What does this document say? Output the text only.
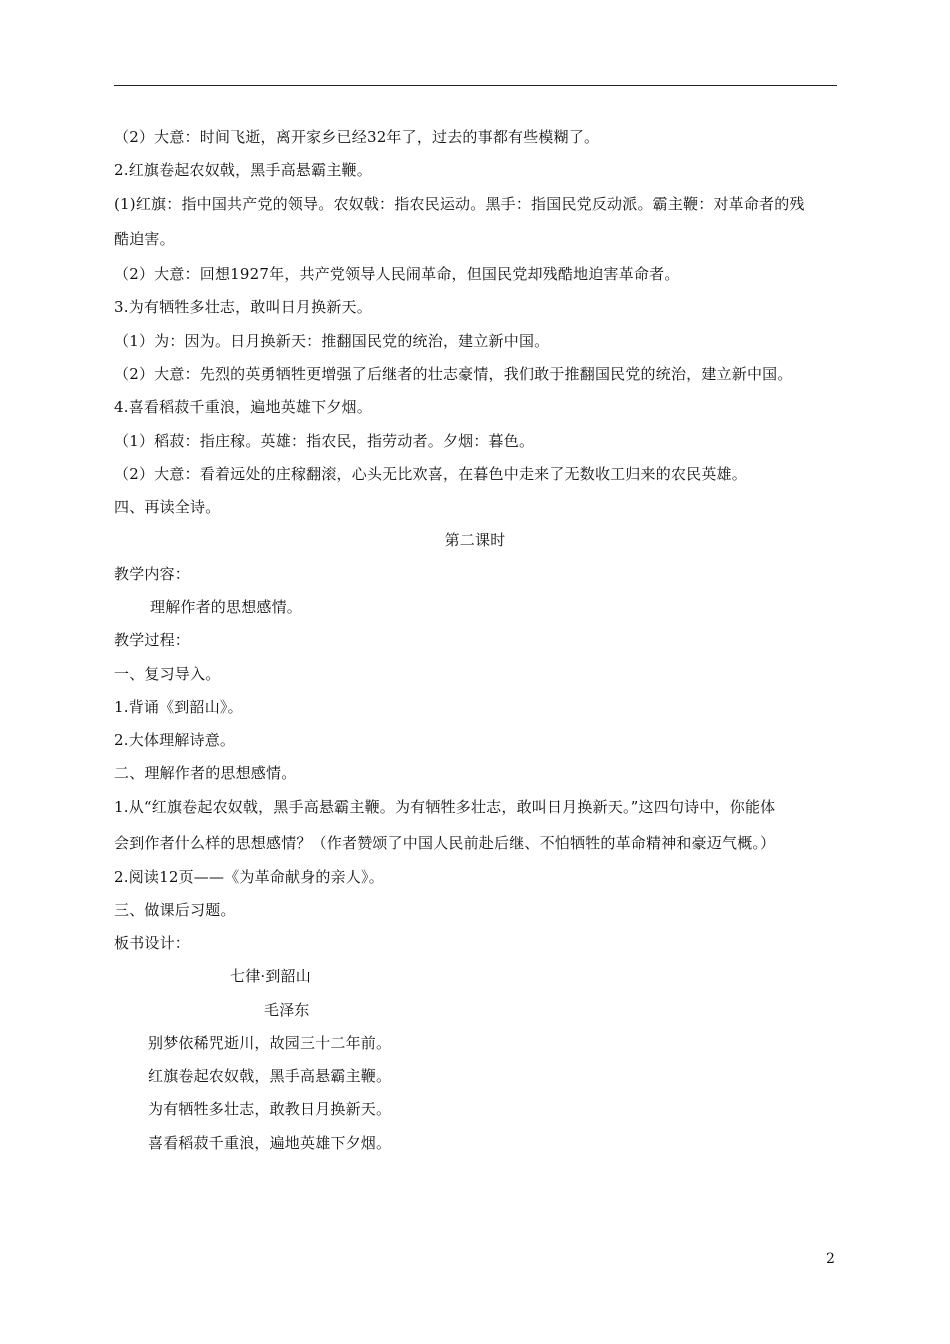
（2）大意：时间飞逝，离开家乡已经32年了，过去的事都有些模糊了。
2.红旗卷起农奴戟，黑手高悬霸主鞭。
(1)红旗：指中国共产党的领导。农奴戟：指农民运动。黑手：指国民党反动派。霸主鞭：对革命者的残
酷迫害。
（2）大意：回想1927年，共产党领导人民闹革命，但国民党却残酷地迫害革命者。
3.为有牺牲多壮志，敢叫日月换新天。
（1）为：因为。日月换新天：推翻国民党的统治，建立新中国。
（2）大意：先烈的英勇牺牲更增强了后继者的壮志豪情，我们敢于推翻国民党的统治，建立新中国。
4.喜看稻菽千重浪，遍地英雄下夕烟。
（1）稻菽：指庄稼。英雄：指农民，指劳动者。夕烟：暮色。
（2）大意：看着远处的庄稼翻滚，心头无比欢喜，在暮色中走来了无数收工归来的农民英雄。
四、再读全诗。
第二课时
教学内容：
理解作者的思想感情。
教学过程：
一、复习导入。
1.背诵《到韶山》。
2.大体理解诗意。
二、理解作者的思想感情。
1.从“红旗卷起农奴戟，黑手高悬霸主鞭。为有牺牲多壮志，敢叫日月换新天。”这四句诗中，你能体
会到作者什么样的思想感情？（作者赞颂了中国人民前赴后继、不怕牺牲的革命精神和豪迈气概。）
2.阅读12页——《为革命献身的亲人》。
三、做课后习题。
板书设计：
七律·到韶山
毛泽东
别梦依稀咒逝川，故园三十二年前。
红旗卷起农奴戟，黑手高悬霸主鞭。
为有牺牲多壮志，敢教日月换新天。
喜看稻菽千重浪，遍地英雄下夕烟。
2
